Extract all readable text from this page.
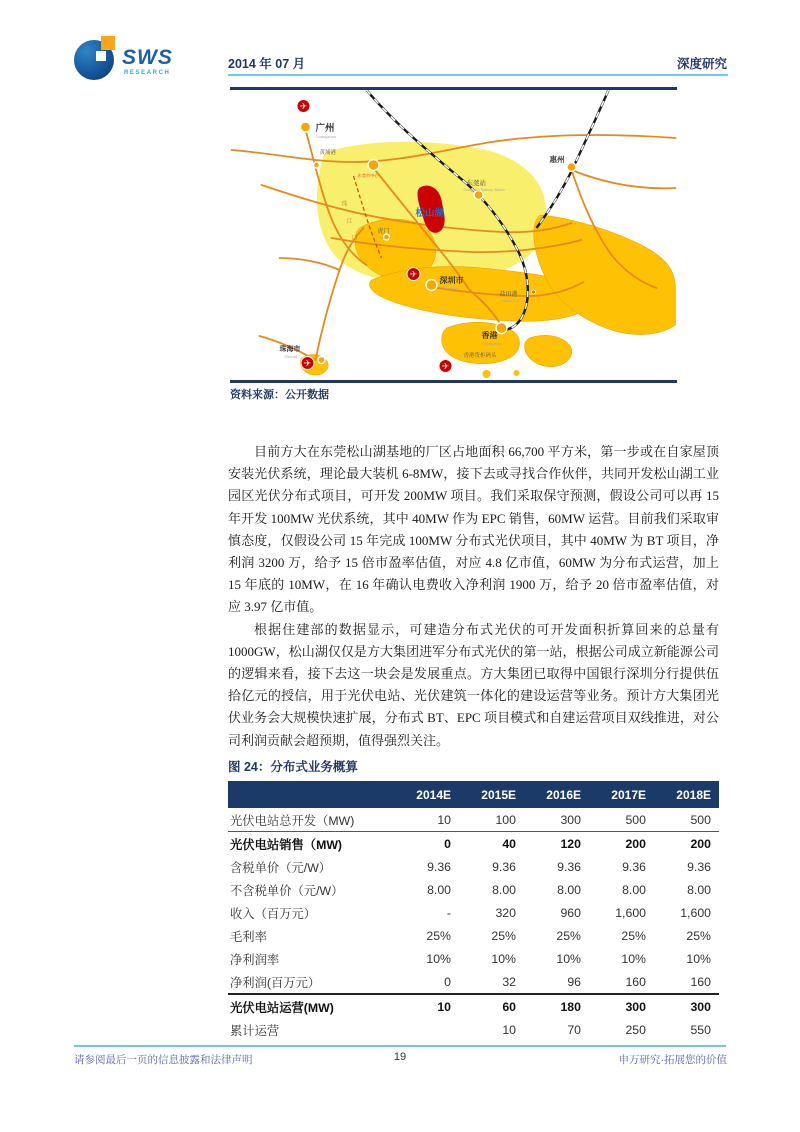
SWS
RESEARCH
2014 年 07 月	深度研究
✈
✈
✈
✈
广州
Guangzhou
黄埔港
东莞市中心
惠州
东莞站
Dongguan Railway Station
松山湖
虎门
Humen
深圳市
Shenzhen
盐田港
Yantian Port
香港
Hongkong
香港货柜码头
珠海市
Zhuhai
珠
江
口
资料来源：公开数据

目前方大在东莞松山湖基地的厂区占地面积 66,700 平方米，第一步或在自家屋顶安装光伏系统，理论最大装机 6-8MW，接下去或寻找合作伙伴，共同开发松山湖工业园区光伏分布式项目，可开发 200MW 项目。我们采取保守预测，假设公司可以再 15 年开发 100MW 光伏系统，其中 40MW 作为 EPC 销售，60MW 运营。目前我们采取审慎态度，仅假设公司 15 年完成 100MW 分布式光伏项目，其中 40MW 为 BT 项目，净利润 3200 万，给予 15 倍市盈率估值，对应 4.8 亿市值，60MW 为分布式运营，加上 15 年底的 10MW，在 16 年确认电费收入净利润 1900 万，给予 20 倍市盈率估值，对应 3.97 亿市值。

根据住建部的数据显示，可建造分布式光伏的可开发面积折算回来的总量有 1000GW，松山湖仅仅是方大集团进军分布式光伏的第一站，根据公司成立新能源公司的逻辑来看，接下去这一块会是发展重点。方大集团已取得中国银行深圳分行提供伍拾亿元的授信，用于光伏电站、光伏建筑一体化的建设运营等业务。预计方大集团光伏业务会大规模快速扩展，分布式 BT、EPC 项目模式和自建运营项目双线推进，对公司利润贡献会超预期，值得强烈关注。

图 24：分布式业务概算
	2014E	2015E	2016E	2017E	2018E
光伏电站总开发（MW)	10	100	300	500	500
光伏电站销售（MW)	0	40	120	200	200
含税单价（元/W）	9.36	9.36	9.36	9.36	9.36
不含税单价（元/W）	8.00	8.00	8.00	8.00	8.00
收入（百万元）	-	320	960	1,600	1,600
毛利率	25%	25%	25%	25%	25%
净利润率	10%	10%	10%	10%	10%
净利润(百万元）	0	32	96	160	160
光伏电站运营(MW)	10	60	180	300	300
累计运营		10	70	250	550
请参阅最后一页的信息披露和法律声明	19	申万研究·拓展您的价值
